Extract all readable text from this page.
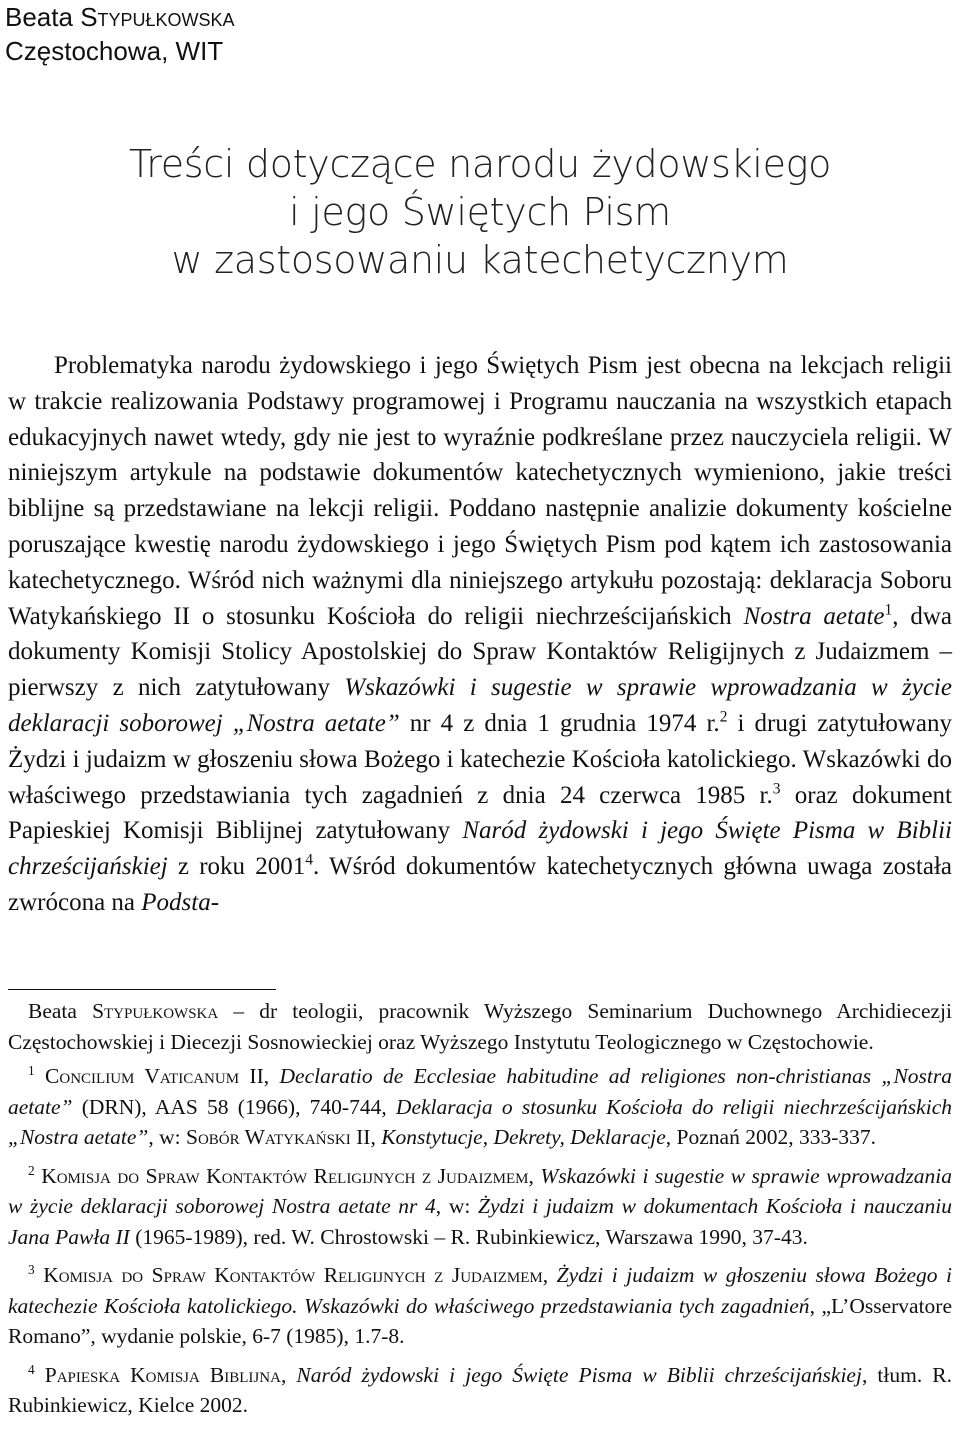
Beata Stypułkowska
Częstochowa, WIT
Treści dotyczące narodu żydowskiego
i jego Świętych Pism
w zastosowaniu katechetycznym

Problematyka narodu żydowskiego i jego Świętych Pism jest obecna na lekcjach religii w trakcie realizowania Podstawy programowej i Programu nauczania na wszystkich etapach edukacyjnych nawet wtedy, gdy nie jest to wyraźnie podkreślane przez nauczyciela religii. W niniejszym artykule na podstawie dokumentów katechetycznych wymieniono, jakie treści biblijne są przedstawiane na lekcji religii. Poddano następnie analizie dokumenty kościelne poruszające kwestię narodu żydowskiego i jego Świętych Pism pod kątem ich zastosowania katechetycznego. Wśród nich ważnymi dla niniejszego artykułu pozostają: deklaracja Soboru Watykańskiego II o stosunku Kościoła do religii niechrześcijańskich Nostra aetate$^1$, dwa dokumenty Komisji Stolicy Apostolskiej do Spraw Kontaktów Religijnych z Judaizmem – pierwszy z nich zatytułowany Wskazówki i sugestie w sprawie wprowadzania w życie deklaracji soborowej „Nostra aetate” nr 4 z dnia 1 grudnia 1974 r.$^2$ i drugi zatytułowany Żydzi i judaizm w głoszeniu słowa Bożego i katechezie Kościoła katolickiego. Wskazówki do właściwego przedstawiania tych zagadnień z dnia 24 czerwca 1985 r.$^3$ oraz dokument Papieskiej Komisji Biblijnej zatytułowany Naród żydowski i jego Święte Pisma w Biblii chrześcijańskiej z roku 2001$^4$. Wśród dokumentów katechetycznych główna uwaga została zwrócona na Podsta-

Beata Stypułkowska – dr teologii, pracownik Wyższego Seminarium Duchownego Archidiecezji Częstochowskiej i Diecezji Sosnowieckiej oraz Wyższego Instytutu Teologicznego w Częstochowie.

$^1$ Concilium Vaticanum II, Declaratio de Ecclesiae habitudine ad religiones non-christianas „Nostra aetate” (DRN), AAS 58 (1966), 740-744, Deklaracja o stosunku Kościoła do religii niechrześcijańskich „Nostra aetate”, w: Sobór Watykański II, Konstytucje, Dekrety, Deklaracje, Poznań 2002, 333-337.

$^2$ Komisja do Spraw Kontaktów Religijnych z Judaizmem, Wskazówki i sugestie w sprawie wprowadzania w życie deklaracji soborowej Nostra aetate nr 4, w: Żydzi i judaizm w dokumentach Kościoła i nauczaniu Jana Pawła II (1965-1989), red. W. Chrostowski – R. Rubinkiewicz, Warszawa 1990, 37-43.

$^3$ Komisja do Spraw Kontaktów Religijnych z Judaizmem, Żydzi i judaizm w głoszeniu słowa Bożego i katechezie Kościoła katolickiego. Wskazówki do właściwego przedstawiania tych zagadnień, „L’Osservatore Romano”, wydanie polskie, 6-7 (1985), 1.7-8.

$^4$ Papieska Komisja Biblijna, Naród żydowski i jego Święte Pisma w Biblii chrześcijańskiej, tłum. R. Rubinkiewicz, Kielce 2002.
